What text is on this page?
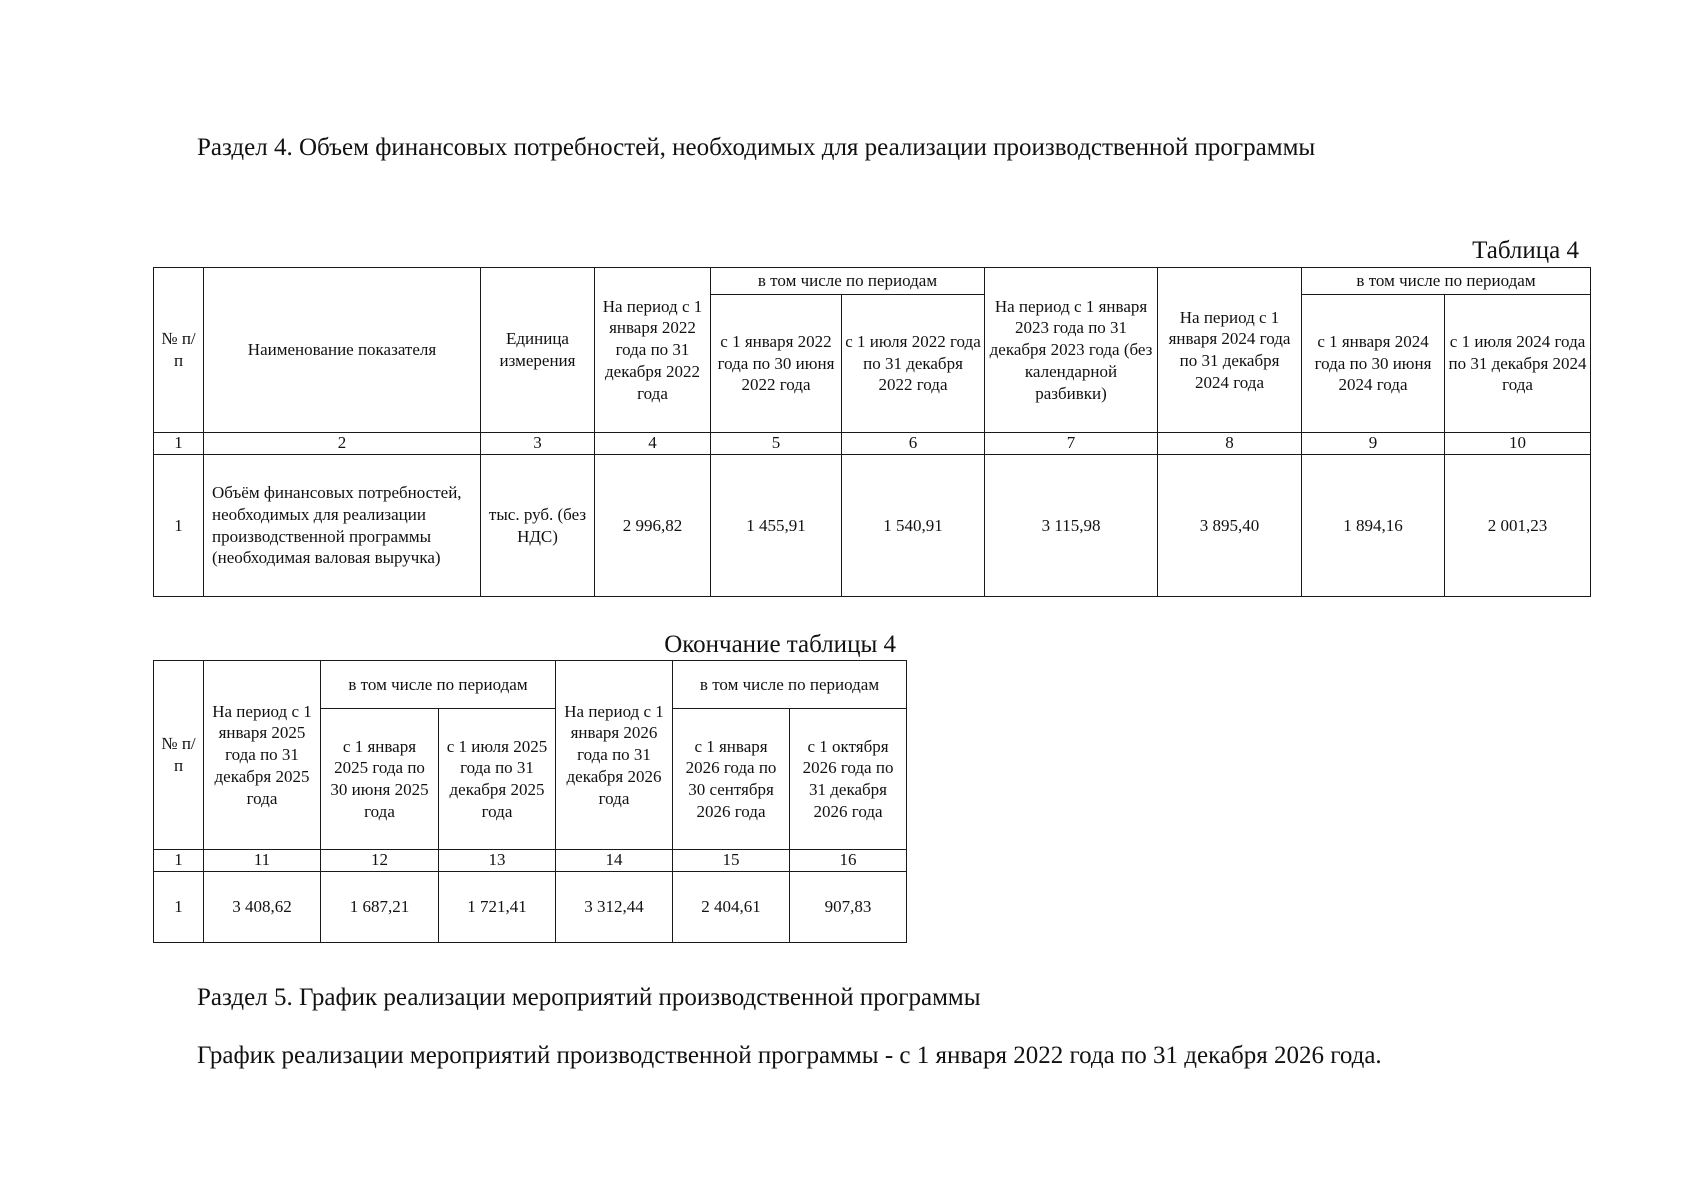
Раздел 4. Объем финансовых потребностей, необходимых для реализации производственной программы
Таблица 4
№ п/п	Наименование показателя	Единица измерения	На период с 1 января 2022 года по 31 декабря 2022 года	в том числе по периодам		На период с 1 января 2023 года по 31 декабря 2023 года (без календарной разбивки)	На период с 1 января 2024 года по 31 декабря 2024 года	в том числе по периодам	
				с 1 января 2022 года по 30 июня 2022 года	с 1 июля 2022 года по 31 декабря 2022 года			с 1 января 2024 года по 30 июня 2024 года	с 1 июля 2024 года по 31 декабря 2024 года
1	2	3	4	5	6	7	8	9	10
1	Объём финансовых потребностей, необходимых для реализации производственной программы (необходимая валовая выручка)	тыс. руб. (без НДС)	2 996,82	1 455,91	1 540,91	3 115,98	3 895,40	1 894,16	2 001,23
Окончание таблицы 4
№ п/п	На период с 1 января 2025 года по 31 декабря 2025 года	в том числе по периодам		На период с 1 января 2026 года по 31 декабря 2026 года	в том числе по периодам	
		с 1 января 2025 года по 30 июня 2025 года	с 1 июля 2025 года по 31 декабря 2025 года		с 1 января 2026 года по 30 сентября 2026 года	с 1 октября 2026 года по 31 декабря 2026 года
1	11	12	13	14	15	16
1	3 408,62	1 687,21	1 721,41	3 312,44	2 404,61	907,83
Раздел 5. График реализации мероприятий производственной программы
График реализации мероприятий производственной программы - с 1 января 2022 года по 31 декабря 2026 года.
